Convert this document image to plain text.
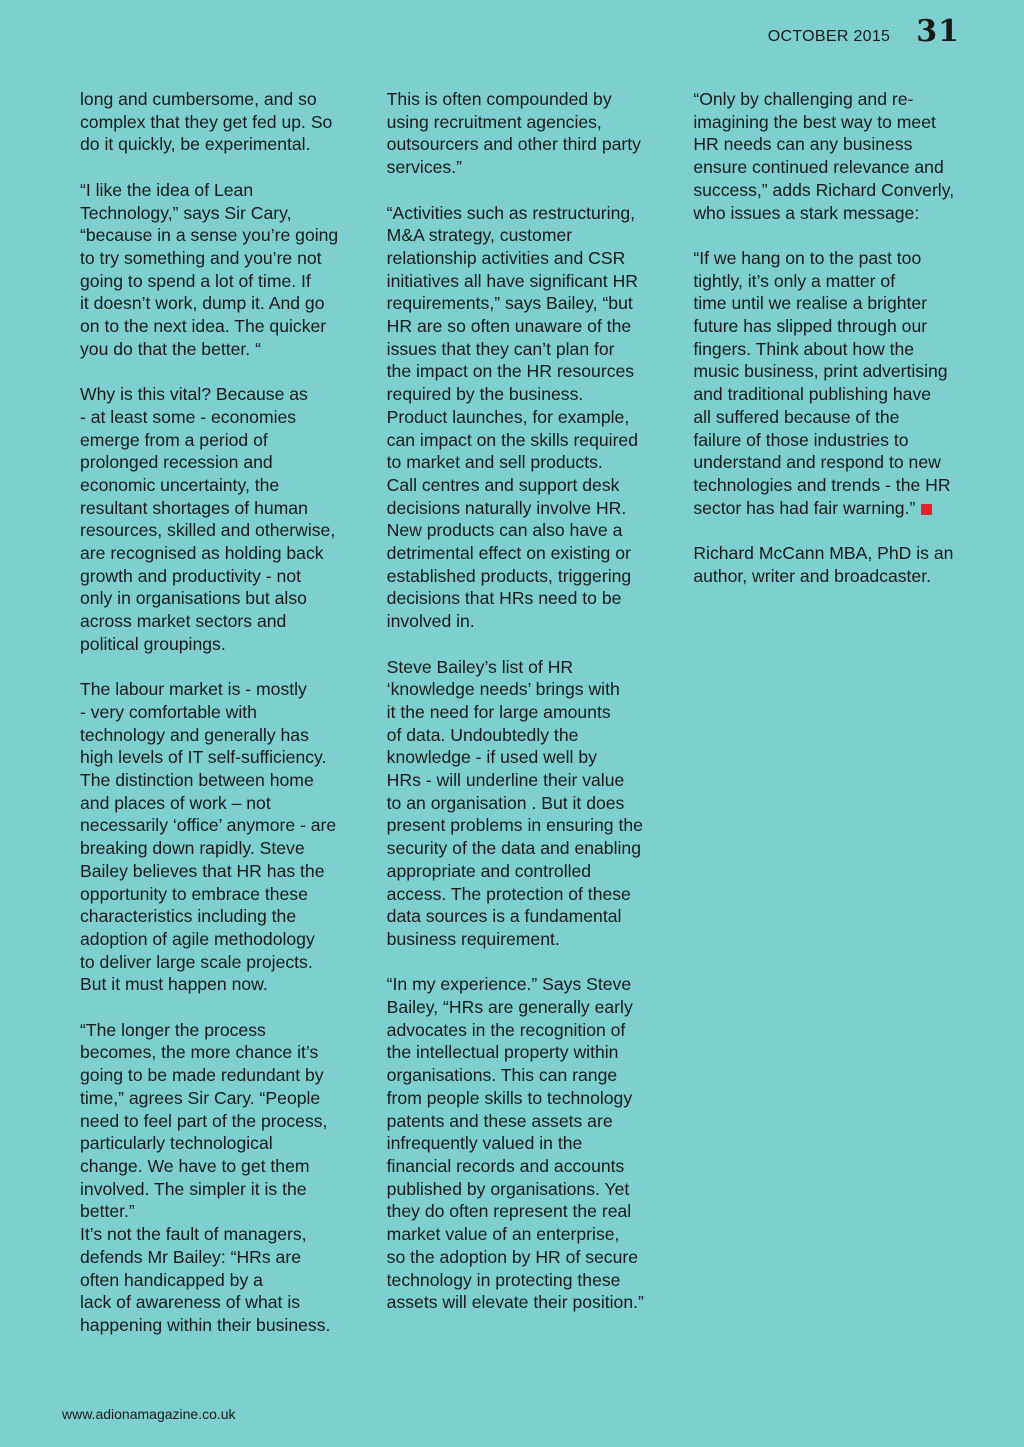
OCTOBER 2015 31

long and cumbersome, and so
complex that they get fed up. So
do it quickly, be experimental.

“I like the idea of Lean
Technology,” says Sir Cary,
“because in a sense you’re going
to try something and you’re not
going to spend a lot of time. If
it doesn’t work, dump it. And go
on to the next idea. The quicker
you do that the better. “

Why is this vital? Because as
- at least some - economies
emerge from a period of
prolonged recession and
economic uncertainty, the
resultant shortages of human
resources, skilled and otherwise,
are recognised as holding back
growth and productivity - not
only in organisations but also
across market sectors and
political groupings.

The labour market is - mostly
- very comfortable with
technology and generally has
high levels of IT self-sufficiency.
The distinction between home
and places of work – not
necessarily ‘office’ anymore - are
breaking down rapidly. Steve
Bailey believes that HR has the
opportunity to embrace these
characteristics including the
adoption of agile methodology
to deliver large scale projects.
But it must happen now.

“The longer the process
becomes, the more chance it’s
going to be made redundant by
time,” agrees Sir Cary. “People
need to feel part of the process,
particularly technological
change. We have to get them
involved. The simpler it is the
better.”

It’s not the fault of managers,
defends Mr Bailey: “HRs are
often handicapped by a
lack of awareness of what is
happening within their business.

This is often compounded by
using recruitment agencies,
outsourcers and other third party
services.”

“Activities such as restructuring,
M&A strategy, customer
relationship activities and CSR
initiatives all have significant HR
requirements,” says Bailey, “but
HR are so often unaware of the
issues that they can’t plan for
the impact on the HR resources
required by the business.
Product launches, for example,
can impact on the skills required
to market and sell products.
Call centres and support desk
decisions naturally involve HR.
New products can also have a
detrimental effect on existing or
established products, triggering
decisions that HRs need to be
involved in.

Steve Bailey’s list of HR
‘knowledge needs’ brings with
it the need for large amounts
of data. Undoubtedly the
knowledge - if used well by
HRs - will underline their value
to an organisation . But it does
present problems in ensuring the
security of the data and enabling
appropriate and controlled
access. The protection of these
data sources is a fundamental
business requirement.

“In my experience.” Says Steve
Bailey, “HRs are generally early
advocates in the recognition of
the intellectual property within
organisations. This can range
from people skills to technology
patents and these assets are
infrequently valued in the
financial records and accounts
published by organisations. Yet
they do often represent the real
market value of an enterprise,
so the adoption by HR of secure
technology in protecting these
assets will elevate their position.”

“Only by challenging and re-
imagining the best way to meet
HR needs can any business
ensure continued relevance and
success,” adds Richard Converly,
who issues a stark message:

“If we hang on to the past too
tightly, it’s only a matter of
time until we realise a brighter
future has slipped through our
fingers. Think about how the
music business, print advertising
and traditional publishing have
all suffered because of the
failure of those industries to
understand and respond to new
technologies and trends - the HR
sector has had fair warning.”

Richard McCann MBA, PhD is an
author, writer and broadcaster.

www.adionamagazine.co.uk
